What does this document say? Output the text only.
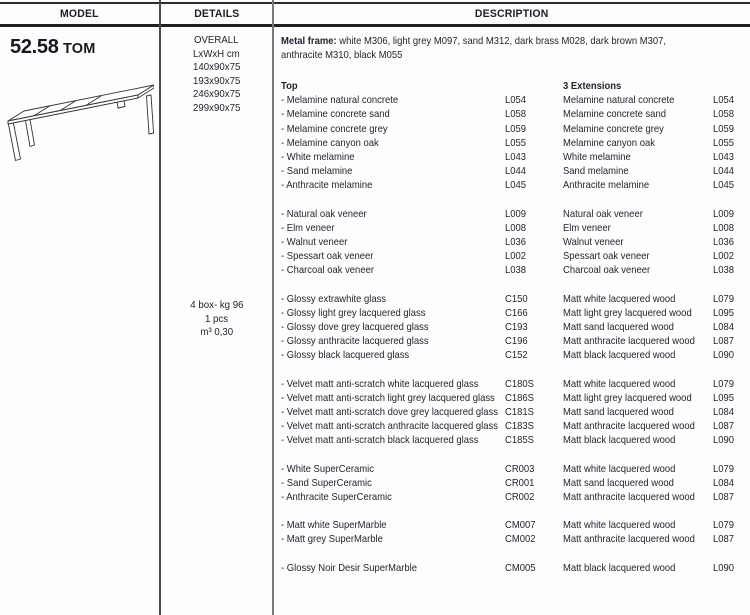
MODEL	DETAILS	DESCRIPTION
52.58 TOM
OVERALL
LxWxH cm
140x90x75
193x90x75
246x90x75
299x90x75
4 box- kg 96
1 pcs
m³ 0,30

Metal frame: white M306, light grey M097, sand M312, dark brass M028, dark brown M307,
anthracite M310, black M055

Top	3 Extensions
- Melamine natural concrete	L054	Melamine natural concrete	L054
- Melamine concrete sand	L058	Melamine concrete sand	L058
- Melamine concrete grey	L059	Melamine concrete grey	L059
- Melamine canyon oak	L055	Melamine canyon oak	L055
- White melamine	L043	White melamine	L043
- Sand melamine	L044	Sand melamine	L044
- Anthracite melamine	L045	Anthracite melamine	L045
- Natural oak veneer	L009	Natural oak veneer	L009
- Elm veneer	L008	Elm veneer	L008
- Walnut veneer	L036	Walnut veneer	L036
- Spessart oak veneer	L002	Spessart oak veneer	L002
- Charcoal oak veneer	L038	Charcoal oak veneer	L038
- Glossy extrawhite glass	C150	Matt white lacquered wood	L079
- Glossy light grey lacquered glass	C166	Matt light grey lacquered wood	L095
- Glossy dove grey lacquered glass	C193	Matt sand lacquered wood	L084
- Glossy anthracite lacquered glass	C196	Matt anthracite lacquered wood L087
- Glossy black lacquered glass	C152	Matt black lacquered wood	L090
- Velvet matt anti-scratch white lacquered glass	C180S	Matt white lacquered wood	L079
- Velvet matt anti-scratch light grey lacquered glass C186S	Matt light grey lacquered wood	L095
- Velvet matt anti-scratch dove grey lacquered glass C181S	Matt sand lacquered wood	L084
- Velvet matt anti-scratch anthracite lacquered glass C183S	Matt anthracite lacquered wood L087
- Velvet matt anti-scratch black lacquered glass	C185S	Matt black lacquered wood	L090
- White SuperCeramic	CR003	Matt white lacquered wood	L079
- Sand SuperCeramic	CR001	Matt sand lacquered wood	L084
- Anthracite SuperCeramic	CR002	Matt anthracite lacquered wood L087
- Matt white SuperMarble	CM007	Matt white lacquered wood	L079
- Matt grey SuperMarble	CM002	Matt anthracite lacquered wood L087
- Glossy Noir Desir SuperMarble	CM005	Matt black lacquered wood	L090
